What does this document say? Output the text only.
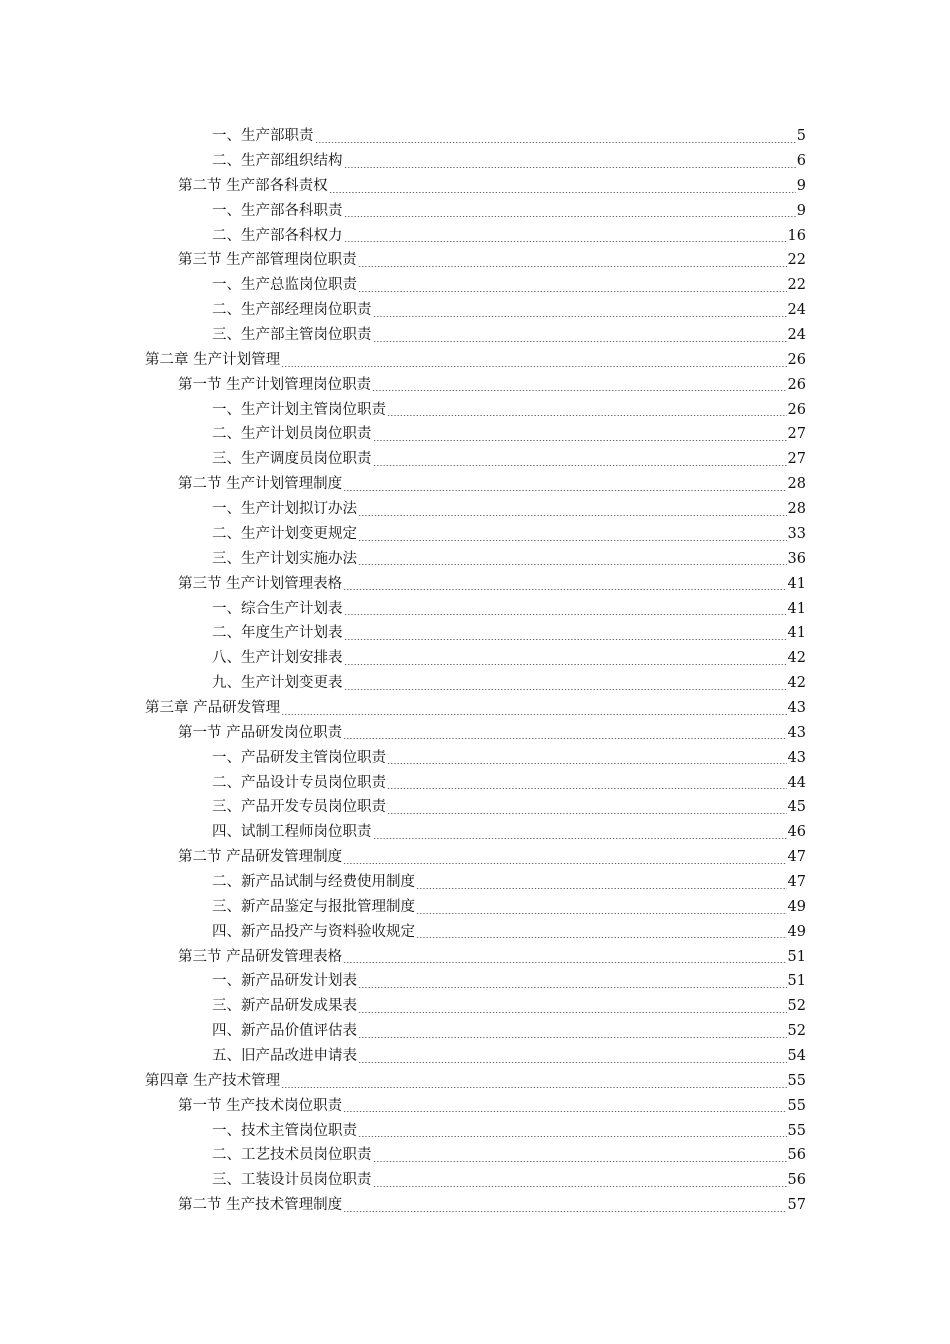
一、生产部职责	5
二、生产部组织结构	6
第二节 生产部各科责权	9
一、生产部各科职责	9
二、生产部各科权力	16
第三节 生产部管理岗位职责	22
一、生产总监岗位职责	22
二、生产部经理岗位职责	24
三、生产部主管岗位职责	24
第二章 生产计划管理	26
第一节 生产计划管理岗位职责	26
一、生产计划主管岗位职责	26
二、生产计划员岗位职责	27
三、生产调度员岗位职责	27
第二节 生产计划管理制度	28
一、生产计划拟订办法	28
二、生产计划变更规定	33
三、生产计划实施办法	36
第三节 生产计划管理表格	41
一、综合生产计划表	41
二、年度生产计划表	41
八、生产计划安排表	42
九、生产计划变更表	42
第三章 产品研发管理	43
第一节 产品研发岗位职责	43
一、产品研发主管岗位职责	43
二、产品设计专员岗位职责	44
三、产品开发专员岗位职责	45
四、试制工程师岗位职责	46
第二节 产品研发管理制度	47
二、新产品试制与经费使用制度	47
三、新产品鉴定与报批管理制度	49
四、新产品投产与资料验收规定	49
第三节 产品研发管理表格	51
一、新产品研发计划表	51
三、新产品研发成果表	52
四、新产品价值评估表	52
五、旧产品改进申请表	54
第四章 生产技术管理	55
第一节 生产技术岗位职责	55
一、技术主管岗位职责	55
二、工艺技术员岗位职责	56
三、工装设计员岗位职责	56
第二节 生产技术管理制度	57
